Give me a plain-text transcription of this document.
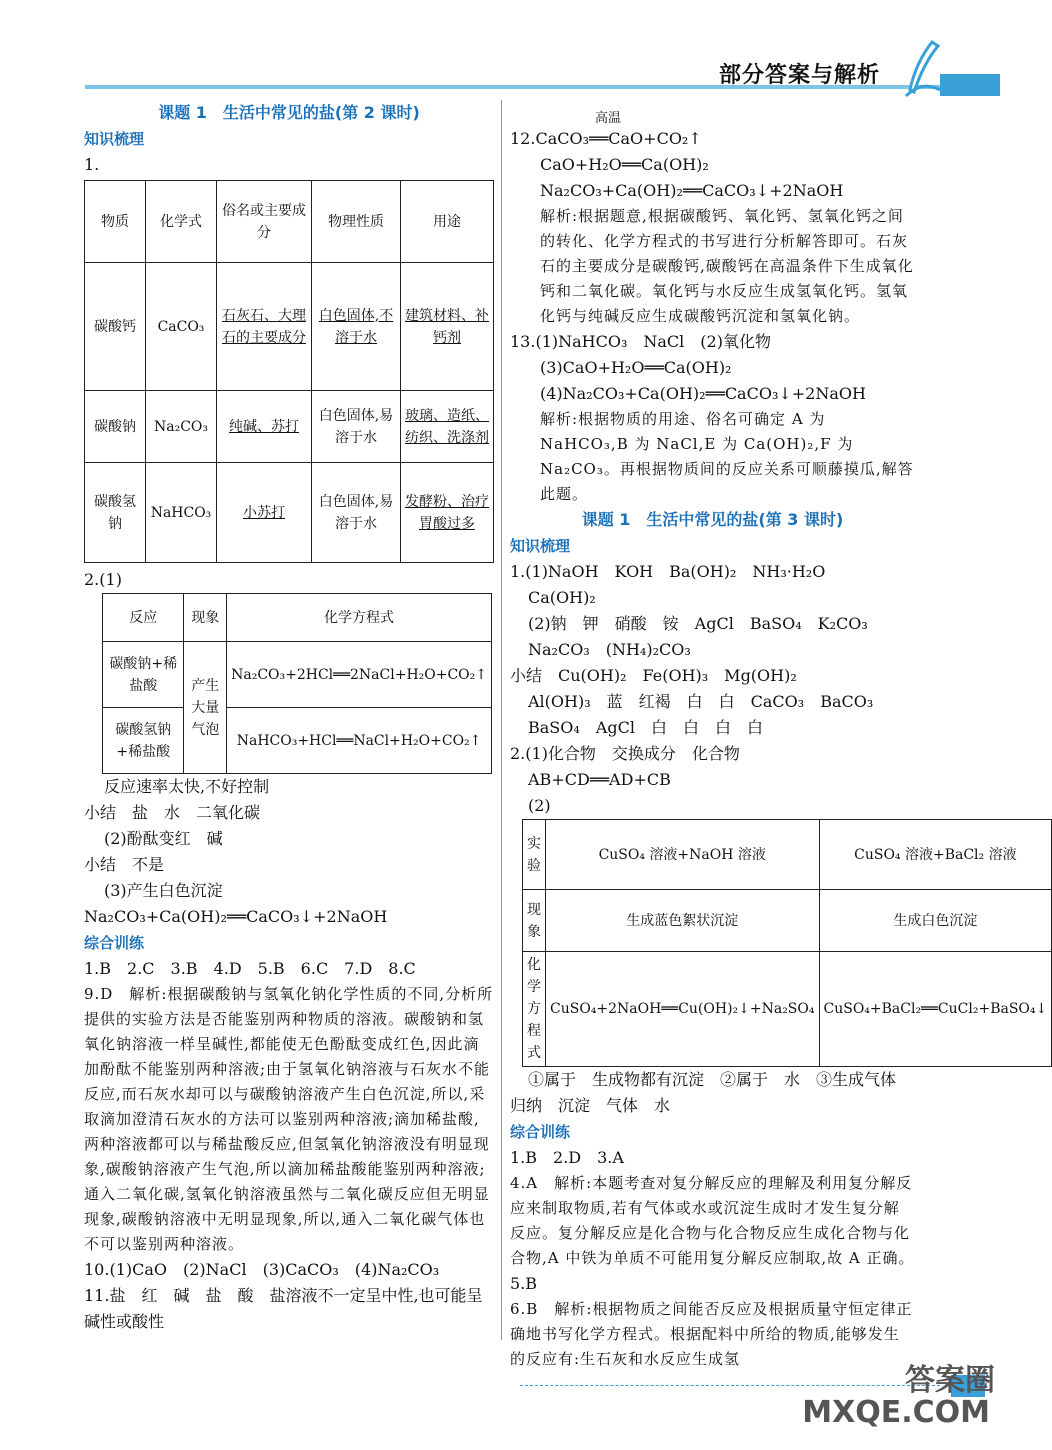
部分答案与解析
课题 1　生活中常见的盐(第 2 课时)
知识梳理
1.
物质	化学式	俗名或主要成分	物理性质	用途
碳酸钙	CaCO₃	石灰石、大理石的主要成分	白色固体,不溶于水	建筑材料、补钙剂
碳酸钠	Na₂CO₃	纯碱、苏打	白色固体,易溶于水	玻璃、造纸、纺织、洗涤剂
碳酸氢钠	NaHCO₃	小苏打	白色固体,易溶于水	发酵粉、治疗胃酸过多
2.(1)
反应	现象	化学方程式
碳酸钠+稀盐酸	产生大量气泡	Na₂CO₃+2HCl══2NaCl+H₂O+CO₂↑
碳酸氢钠+稀盐酸		NaHCO₃+HCl══NaCl+H₂O+CO₂↑
反应速率太快,不好控制
小结　盐　水　二氧化碳
(2)酚酞变红　碱
小结　不是
(3)产生白色沉淀
Na₂CO₃+Ca(OH)₂══CaCO₃↓+2NaOH
综合训练
1.B　2.C　3.B　4.D　5.B　6.C　7.D　8.C
9.D　解析:根据碳酸钠与氢氧化钠化学性质的不同,分析所提供的实验方法是否能鉴别两种物质的溶液。碳酸钠和氢氧化钠溶液一样呈碱性,都能使无色酚酞变成红色,因此滴加酚酞不能鉴别两种溶液;由于氢氧化钠溶液与石灰水不能反应,而石灰水却可以与碳酸钠溶液产生白色沉淀,所以,采取滴加澄清石灰水的方法可以鉴别两种溶液;滴加稀盐酸,两种溶液都可以与稀盐酸反应,但氢氧化钠溶液没有明显现象,碳酸钠溶液产生气泡,所以滴加稀盐酸能鉴别两种溶液;通入二氧化碳,氢氧化钠溶液虽然与二氧化碳反应但无明显现象,碳酸钠溶液中无明显现象,所以,通入二氧化碳气体也不可以鉴别两种溶液。
10.(1)CaO　(2)NaCl　(3)CaCO₃　(4)Na₂CO₃
11.盐　红　碱　盐　酸　盐溶液不一定呈中性,也可能呈碱性或酸性
高温
12.CaCO₃══CaO+CO₂↑
CaO+H₂O══Ca(OH)₂
Na₂CO₃+Ca(OH)₂══CaCO₃↓+2NaOH
解析:根据题意,根据碳酸钙、氧化钙、氢氧化钙之间的转化、化学方程式的书写进行分析解答即可。石灰石的主要成分是碳酸钙,碳酸钙在高温条件下生成氧化钙和二氧化碳。氧化钙与水反应生成氢氧化钙。氢氧化钙与纯碱反应生成碳酸钙沉淀和氢氧化钠。
13.(1)NaHCO₃　NaCl　(2)氧化物
(3)CaO+H₂O══Ca(OH)₂
(4)Na₂CO₃+Ca(OH)₂══CaCO₃↓+2NaOH
解析:根据物质的用途、俗名可确定 A 为 NaHCO₃,B 为 NaCl,E 为 Ca(OH)₂,F 为 Na₂CO₃。再根据物质间的反应关系可顺藤摸瓜,解答此题。
课题 1　生活中常见的盐(第 3 课时)
知识梳理
1.(1)NaOH　KOH　Ba(OH)₂　NH₃·H₂O
Ca(OH)₂
(2)钠　钾　硝酸　铵　AgCl　BaSO₄　K₂CO₃
Na₂CO₃　(NH₄)₂CO₃
小结　Cu(OH)₂　Fe(OH)₃　Mg(OH)₂
Al(OH)₃　蓝　红褐　白　白　CaCO₃　BaCO₃
BaSO₄　AgCl　白　白　白　白
2.(1)化合物　交换成分　化合物
AB+CD══AD+CB
(2)
实验	CuSO₄ 溶液+NaOH 溶液	CuSO₄ 溶液+BaCl₂ 溶液
现象	生成蓝色絮状沉淀	生成白色沉淀
化学方程式	CuSO₄+2NaOH══Cu(OH)₂↓+Na₂SO₄	CuSO₄+BaCl₂══CuCl₂+BaSO₄↓
①属于　生成物都有沉淀　②属于　水　③生成气体
归纳　沉淀　气体　水
综合训练
1.B　2.D　3.A
4.A　解析:本题考查对复分解反应的理解及利用复分解反应来制取物质,若有气体或水或沉淀生成时才发生复分解反应。复分解反应是化合物与化合物反应生成化合物与化合物,A 中铁为单质不可能用复分解反应制取,故 A 正确。
5.B
6.B　解析:根据物质之间能否反应及根据质量守恒定律正确地书写化学方程式。根据配料中所给的物质,能够发生的反应有:生石灰和水反应生成氢
答案圈
MXQE.COM
